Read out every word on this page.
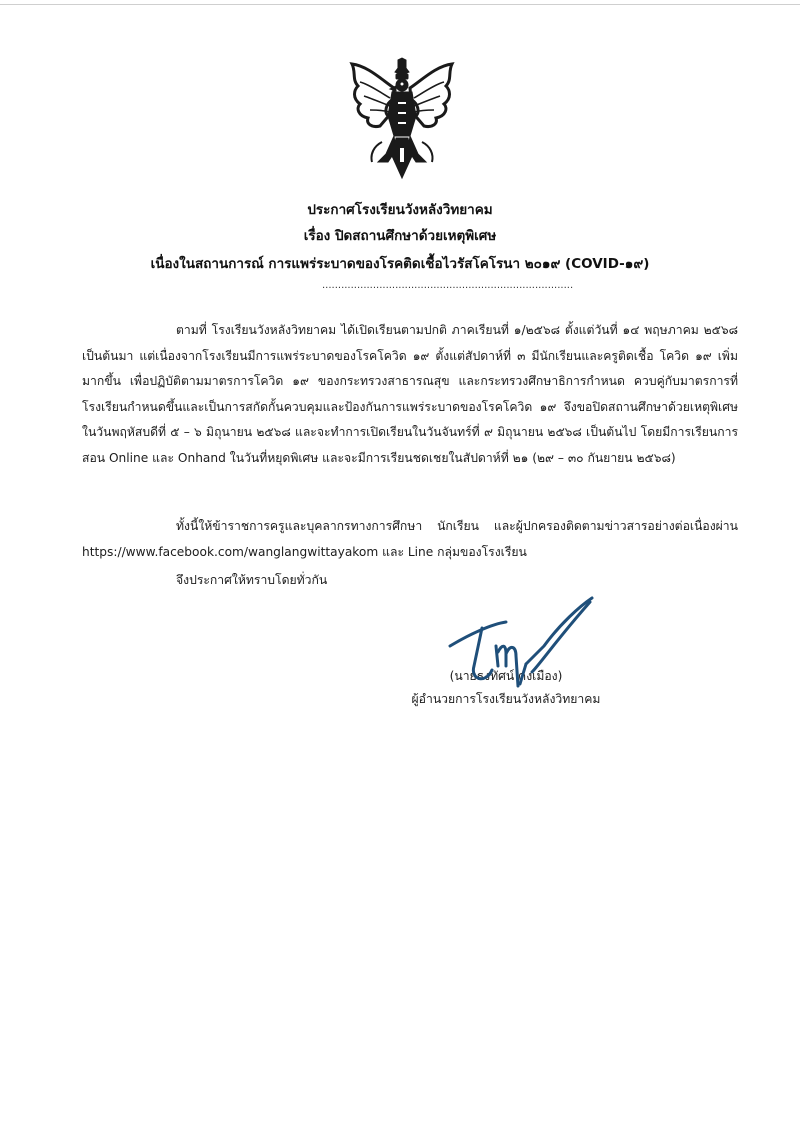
ประกาศโรงเรียนวังหลังวิทยาคม
เรื่อง ปิดสถานศึกษาด้วยเหตุพิเศษ
เนื่องในสถานการณ์ การแพร่ระบาดของโรคติดเชื้อไวรัสโคโรนา ๒๐๑๙ (COVID-๑๙)
...............................................................................

ตามที่ โรงเรียนวังหลังวิทยาคม ได้เปิดเรียนตามปกติ ภาคเรียนที่ ๑/๒๕๖๘ ตั้งแต่วันที่ ๑๔ พฤษภาคม ๒๕๖๘ เป็นต้นมา แต่เนื่องจากโรงเรียนมีการแพร่ระบาดของโรคโควิด ๑๙ ตั้งแต่สัปดาห์ที่ ๓ มีนักเรียนและครูติดเชื้อ โควิด ๑๙ เพิ่มมากขึ้น เพื่อปฏิบัติตามมาตรการโควิด ๑๙ ของกระทรวงสาธารณสุข และกระทรวงศึกษาธิการกำหนด ควบคู่กับมาตรการที่โรงเรียนกำหนดขึ้นและเป็นการสกัดกั้นควบคุมและป้องกันการแพร่ระบาดของโรคโควิด ๑๙ จึงขอปิดสถานศึกษาด้วยเหตุพิเศษ ในวันพฤหัสบดีที่ ๕ – ๖ มิถุนายน ๒๕๖๘ และจะทำการเปิดเรียนในวันจันทร์ที่ ๙ มิถุนายน ๒๕๖๘ เป็นต้นไป โดยมีการเรียนการสอน Online และ Onhand ในวันที่หยุดพิเศษ และจะมีการเรียนชดเชยในสัปดาห์ที่ ๒๑ (๒๙ – ๓๐ กันยายน ๒๕๖๘)

ทั้งนี้ให้ข้าราชการครูและบุคลากรทางการศึกษา นักเรียน และผู้ปกครองติดตามข่าวสารอย่างต่อเนื่องผ่าน https://www.facebook.com/wanglangwittayakom และ Line กลุ่มของโรงเรียน

จึงประกาศให้ทราบโดยทั่วกัน

(นายธงทัศน์ คงเมือง)
ผู้อำนวยการโรงเรียนวังหลังวิทยาคม
